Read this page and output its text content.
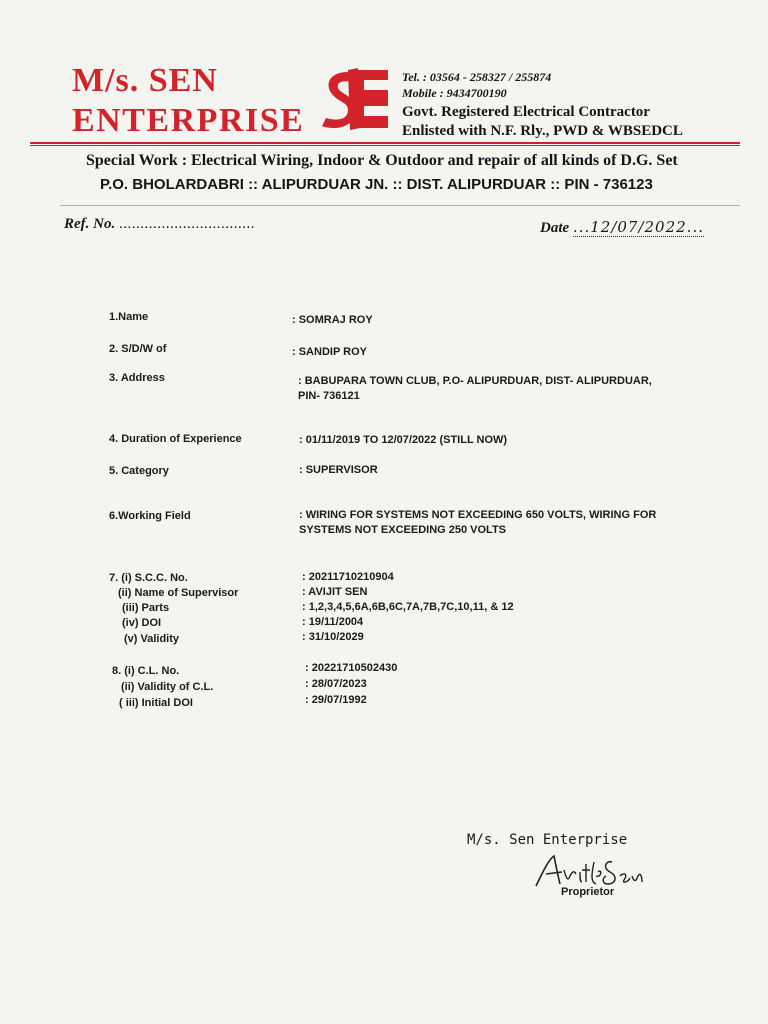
M/s. SEN
ENTERPRISE
Tel. : 03564 - 258327 / 255874
Mobile : 9434700190
Govt. Registered Electrical Contractor
Enlisted with N.F. Rly., PWD & WBSEDCL
Special Work : Electrical Wiring, Indoor & Outdoor and repair of all kinds of D.G. Set
P.O. BHOLARDABRI :: ALIPURDUAR JN. :: DIST. ALIPURDUAR :: PIN - 736123
Ref. No. ................................	Date ...12/07/2022...
1.Name	: SOMRAJ ROY
2. S/D/W of	: SANDIP ROY
3. Address	: BABUPARA TOWN CLUB, P.O- ALIPURDUAR, DIST- ALIPURDUAR, PIN- 736121
4. Duration of Experience	: 01/11/2019 TO 12/07/2022 (STILL NOW)
5. Category	: SUPERVISOR
6.Working Field	: WIRING FOR SYSTEMS NOT EXCEEDING 650 VOLTS, WIRING FOR SYSTEMS NOT EXCEEDING 250 VOLTS
7. (i) S.C.C. No.	: 20211710210904
(ii) Name of Supervisor	: AVIJIT SEN
(iii) Parts	: 1,2,3,4,5,6A,6B,6C,7A,7B,7C,10,11, & 12
(iv) DOI	: 19/11/2004
(v) Validity	: 31/10/2029
8. (i) C.L. No.	: 20221710502430
(ii) Validity of C.L.	: 28/07/2023
( iii) Initial DOI	: 29/07/1992
M/s. Sen Enterprise
Proprietor
